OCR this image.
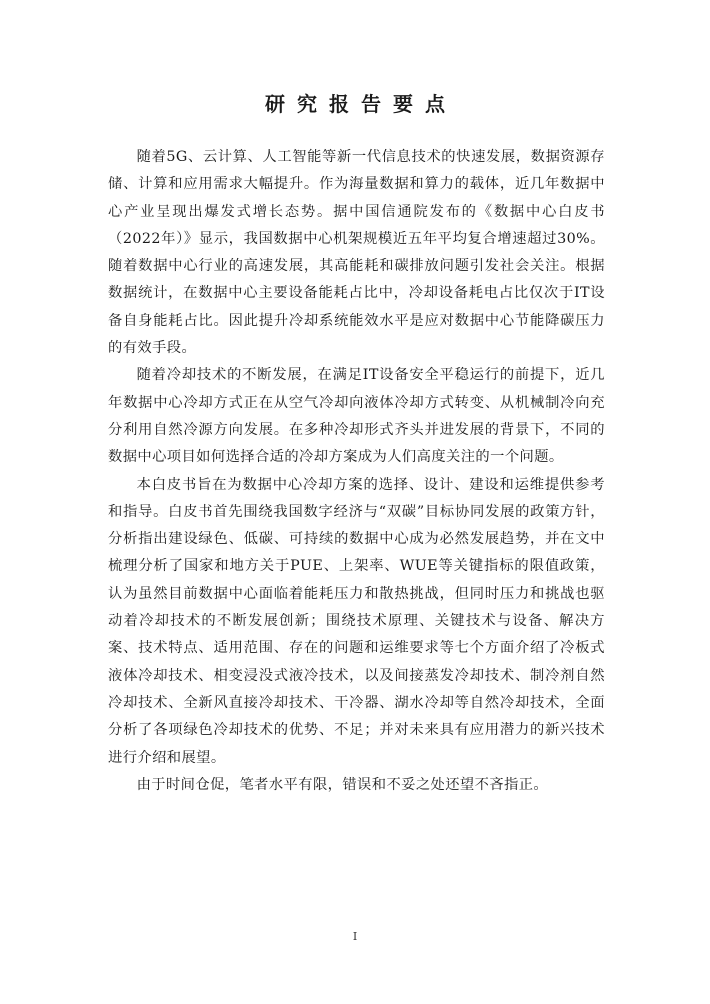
研究报告要点

随着5G、云计算、人工智能等新一代信息技术的快速发展，数据资源存储、计算和应用需求大幅提升。作为海量数据和算力的载体，近几年数据中心产业呈现出爆发式增长态势。据中国信通院发布的《数据中心白皮书（2022年）》显示，我国数据中心机架规模近五年平均复合增速超过30%。随着数据中心行业的高速发展，其高能耗和碳排放问题引发社会关注。根据数据统计，在数据中心主要设备能耗占比中，冷却设备耗电占比仅次于IT设备自身能耗占比。因此提升冷却系统能效水平是应对数据中心节能降碳压力的有效手段。

随着冷却技术的不断发展，在满足IT设备安全平稳运行的前提下，近几年数据中心冷却方式正在从空气冷却向液体冷却方式转变、从机械制冷向充分利用自然冷源方向发展。在多种冷却形式齐头并进发展的背景下，不同的数据中心项目如何选择合适的冷却方案成为人们高度关注的一个问题。

本白皮书旨在为数据中心冷却方案的选择、设计、建设和运维提供参考和指导。白皮书首先围绕我国数字经济与“双碳”目标协同发展的政策方针，分析指出建设绿色、低碳、可持续的数据中心成为必然发展趋势，并在文中梳理分析了国家和地方关于PUE、上架率、WUE等关键指标的限值政策，认为虽然目前数据中心面临着能耗压力和散热挑战，但同时压力和挑战也驱动着冷却技术的不断发展创新；围绕技术原理、关键技术与设备、解决方案、技术特点、适用范围、存在的问题和运维要求等七个方面介绍了冷板式液体冷却技术、相变浸没式液冷技术，以及间接蒸发冷却技术、制冷剂自然冷却技术、全新风直接冷却技术、干冷器、湖水冷却等自然冷却技术，全面分析了各项绿色冷却技术的优势、不足；并对未来具有应用潜力的新兴技术进行介绍和展望。

由于时间仓促，笔者水平有限，错误和不妥之处还望不吝指正。

I
